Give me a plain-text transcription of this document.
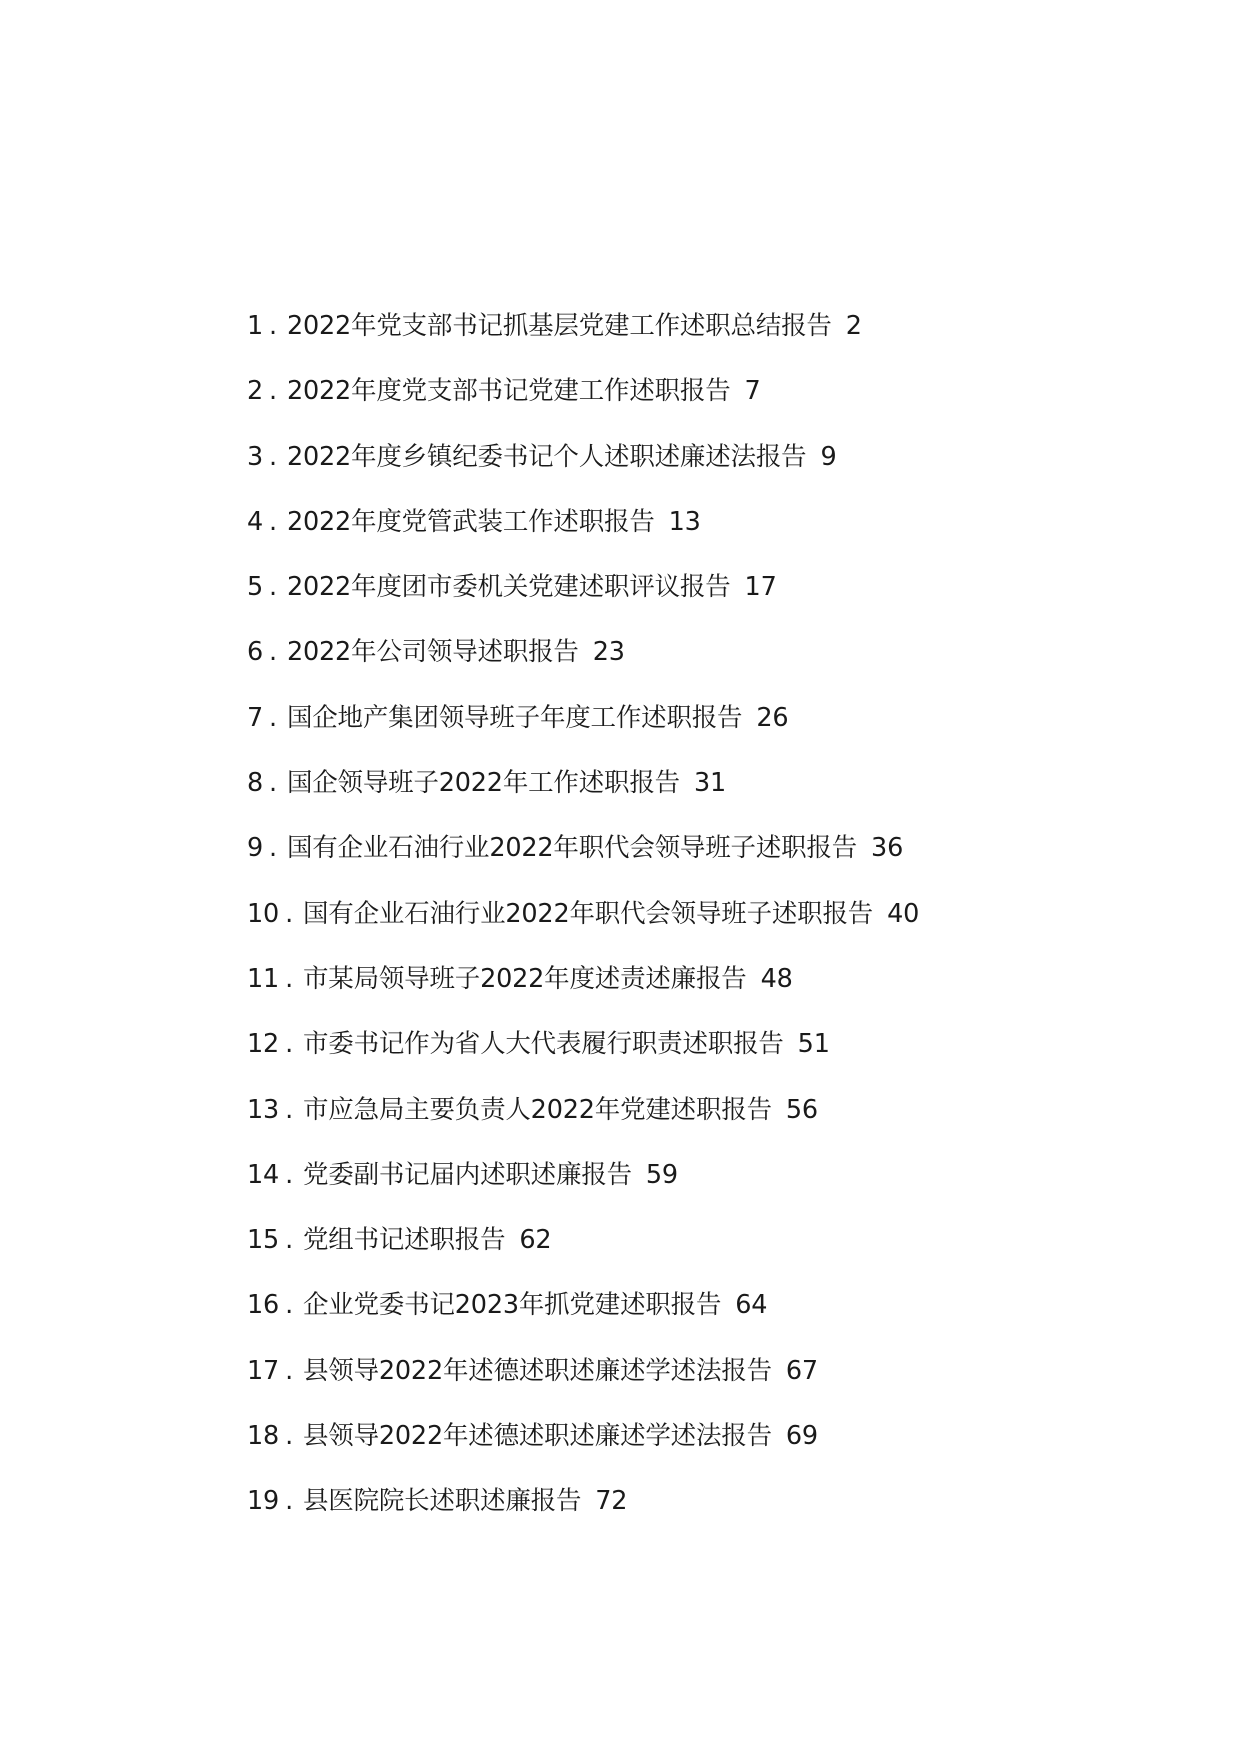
1 . 2022年党支部书记抓基层党建工作述职总结报告 2
2 . 2022年度党支部书记党建工作述职报告 7
3 . 2022年度乡镇纪委书记个人述职述廉述法报告 9
4 . 2022年度党管武装工作述职报告 13
5 . 2022年度团市委机关党建述职评议报告 17
6 . 2022年公司领导述职报告 23
7 . 国企地产集团领导班子年度工作述职报告 26
8 . 国企领导班子2022年工作述职报告 31
9 . 国有企业石油行业2022年职代会领导班子述职报告 36
10 . 国有企业石油行业2022年职代会领导班子述职报告 40
11 . 市某局领导班子2022年度述责述廉报告 48
12 . 市委书记作为省人大代表履行职责述职报告 51
13 . 市应急局主要负责人2022年党建述职报告 56
14 . 党委副书记届内述职述廉报告 59
15 . 党组书记述职报告 62
16 . 企业党委书记2023年抓党建述职报告 64
17 . 县领导2022年述德述职述廉述学述法报告 67
18 . 县领导2022年述德述职述廉述学述法报告 69
19 . 县医院院长述职述廉报告 72
